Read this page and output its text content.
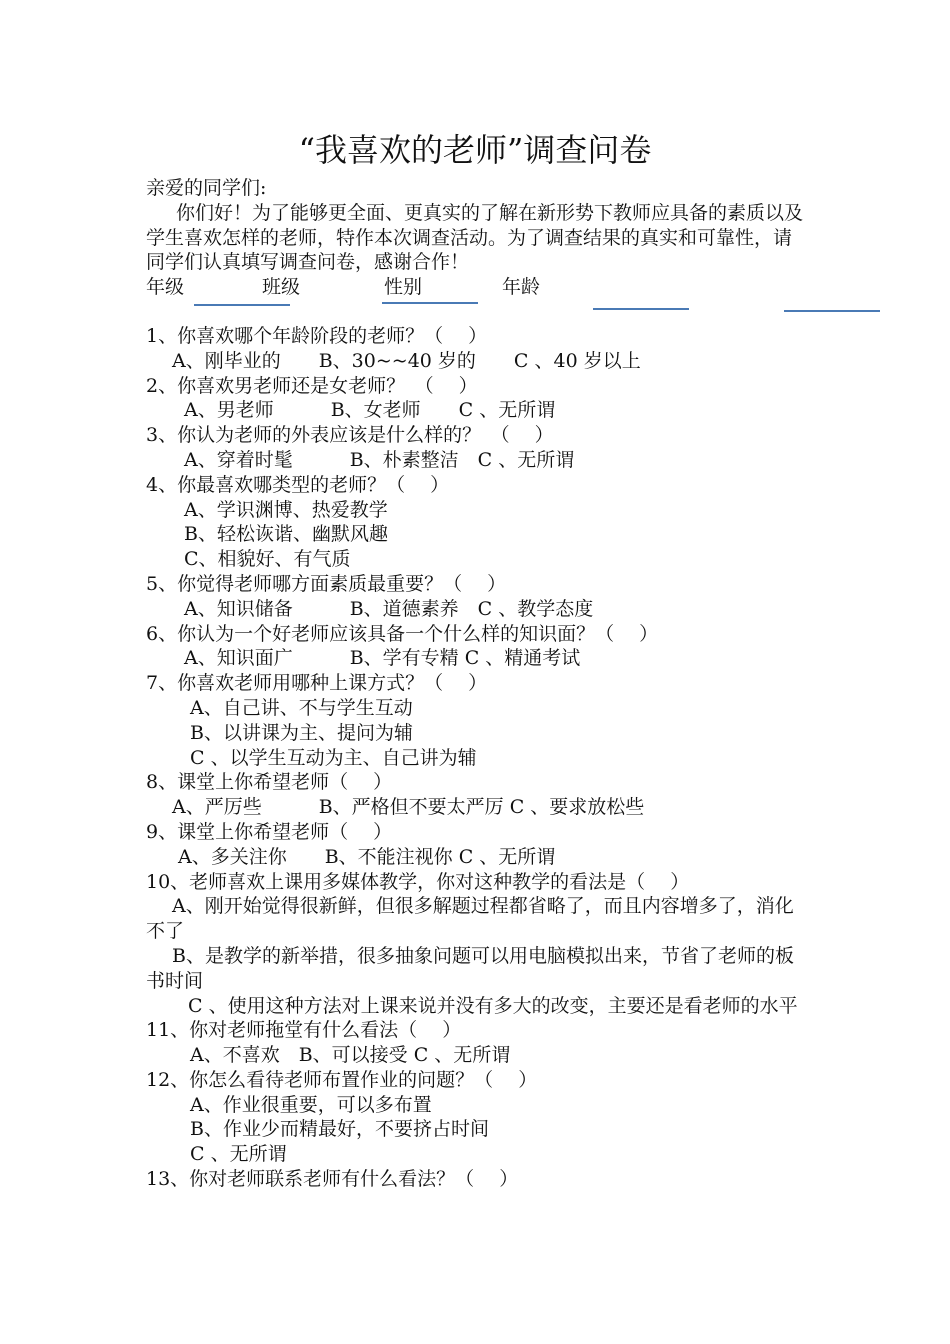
“我喜欢的老师”调查问卷
亲爱的同学们:
你们好！为了能够更全面、更真实的了解在新形势下教师应具备的素质以及学生喜欢怎样的老师，特作本次调查活动。为了调查结果的真实和可靠性，请同学们认真填写调查问卷，感谢合作！
年级	班级	性别	年龄
1、你喜欢哪个年龄阶段的老师？（　 ）
A、刚毕业的　　B、30~~40 岁的　　C 、40 岁以上
2、你喜欢男老师还是女老师？　（　 ）
A、男老师　　　B、女老师　　C 、无所谓
3、你认为老师的外表应该是什么样的？　（　 ）
A、穿着时髦　　　B、朴素整洁　C 、无所谓
4、你最喜欢哪类型的老师？（　 ）
A、学识渊博、热爱教学
B、轻松诙谐、幽默风趣
C、相貌好、有气质
5、你觉得老师哪方面素质最重要？（　 ）
A、知识储备　　　B、道德素养　C 、教学态度
6、你认为一个好老师应该具备一个什么样的知识面？（　 ）
A、知识面广　　　B、学有专精 C 、精通考试
7、你喜欢老师用哪种上课方式？（　 ）
A、自己讲、不与学生互动
B、以讲课为主、提问为辅
C 、以学生互动为主、自己讲为辅
8、课堂上你希望老师（　 ）
A、严厉些　　　B、严格但不要太严厉 C 、要求放松些
9、课堂上你希望老师（　 ）
A、多关注你　　B、不能注视你 C 、无所谓
10、老师喜欢上课用多媒体教学，你对这种教学的看法是（　 ）
A、刚开始觉得很新鲜，但很多解题过程都省略了，而且内容增多了，消化不了
B、是教学的新举措，很多抽象问题可以用电脑模拟出来，节省了老师的板书时间
C 、使用这种方法对上课来说并没有多大的改变，主要还是看老师的水平
11、你对老师拖堂有什么看法（　 ）
A、不喜欢　B、可以接受 C 、无所谓
12、你怎么看待老师布置作业的问题？（　 ）
A、作业很重要，可以多布置
B、作业少而精最好，不要挤占时间
C 、无所谓
13、你对老师联系老师有什么看法？（　 ）
